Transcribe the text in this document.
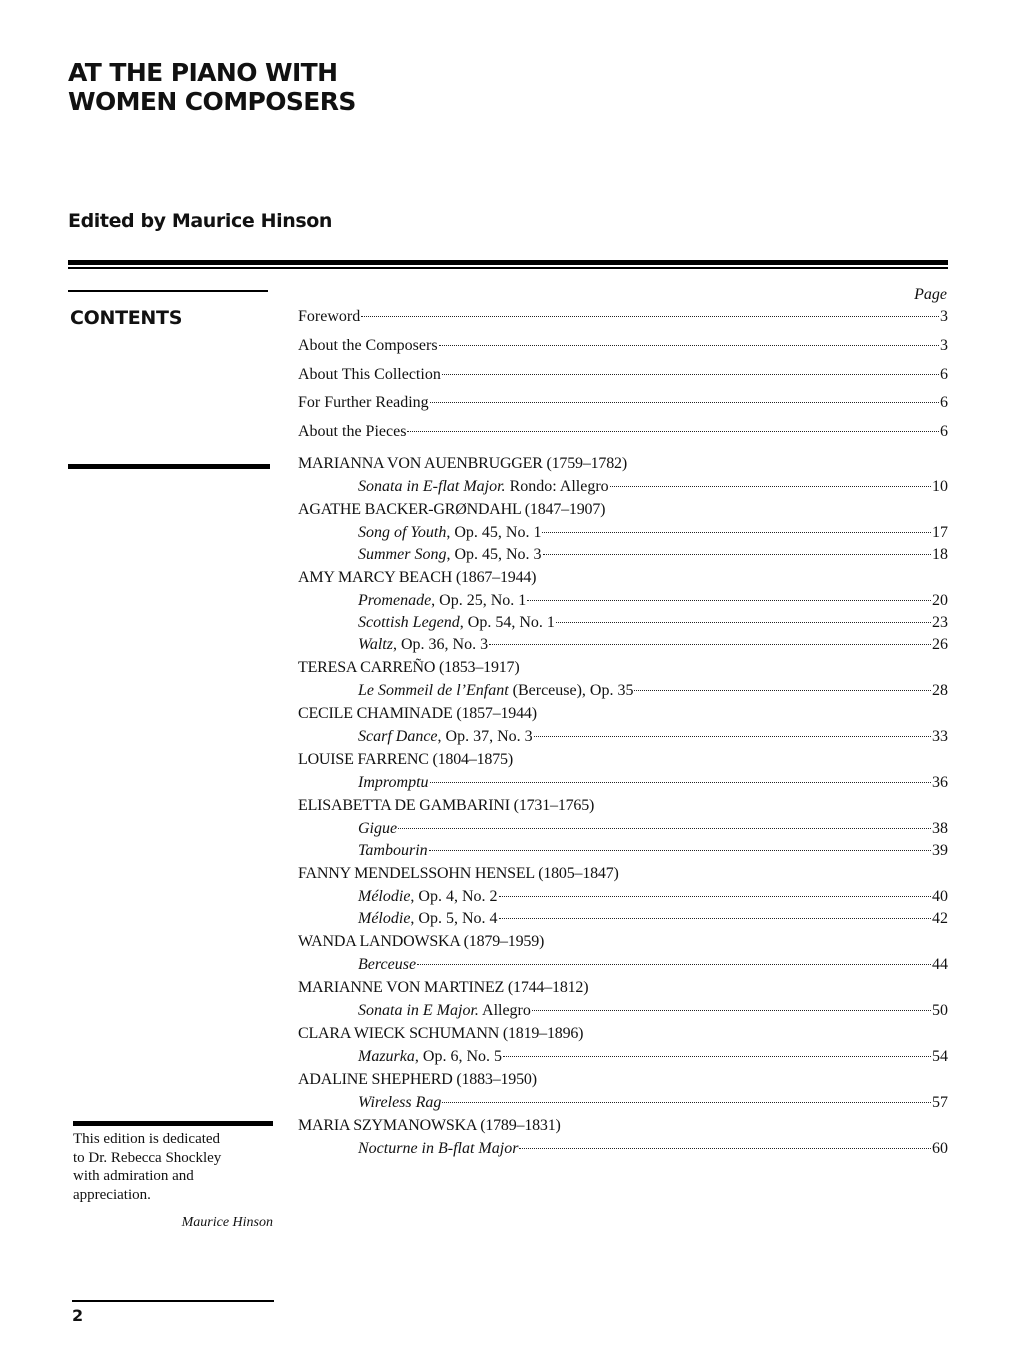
AT THE PIANO WITH
WOMEN COMPOSERS
Edited by Maurice Hinson
CONTENTS
Page
Foreword	3
About the Composers	3
About This Collection	6
For Further Reading	6
About the Pieces	6
MARIANNA VON AUENBRUGGER (1759–1782)
Sonata in E-flat Major. Rondo: Allegro	10
AGATHE BACKER-GRØNDAHL (1847–1907)
Song of Youth, Op. 45, No. 1	17
Summer Song, Op. 45, No. 3	18
AMY MARCY BEACH (1867–1944)
Promenade, Op. 25, No. 1	20
Scottish Legend, Op. 54, No. 1	23
Waltz, Op. 36, No. 3	26
TERESA CARREÑO (1853–1917)
Le Sommeil de l’Enfant (Berceuse), Op. 35	28
CECILE CHAMINADE (1857–1944)
Scarf Dance, Op. 37, No. 3	33
LOUISE FARRENC (1804–1875)
Impromptu	36
ELISABETTA DE GAMBARINI (1731–1765)
Gigue	38
Tambourin	39
FANNY MENDELSSOHN HENSEL (1805–1847)
Mélodie, Op. 4, No. 2	40
Mélodie, Op. 5, No. 4	42
WANDA LANDOWSKA (1879–1959)
Berceuse	44
MARIANNE VON MARTINEZ (1744–1812)
Sonata in E Major. Allegro	50
CLARA WIECK SCHUMANN (1819–1896)
Mazurka, Op. 6, No. 5	54
ADALINE SHEPHERD (1883–1950)
Wireless Rag	57
MARIA SZYMANOWSKA (1789–1831)
Nocturne in B-flat Major	60
This edition is dedicated
to Dr. Rebecca Shockley
with admiration and
appreciation.
Maurice Hinson
2
